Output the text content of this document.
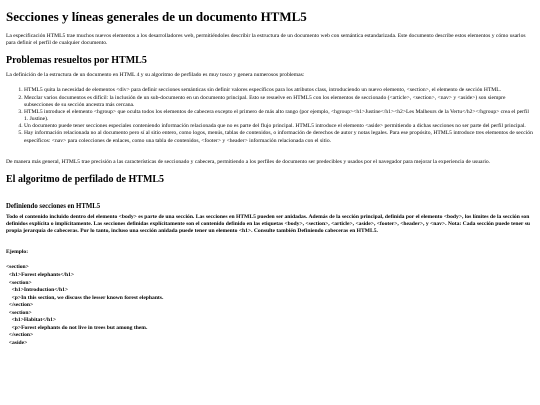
Secciones y líneas generales de un documento HTML5

La especificación HTML5 trae muchos nuevos elementos a los desarrolladores web, permitiéndoles describir la estructura de un documento web con semántica estandarizada. Este documento describe estos elementos y cómo usarlos para definir el perfil de cualquier documento.

Problemas resueltos por HTML5

La definición de la estructura de un documento en HTML 4 y su algoritmo de perfilado es muy tosco y genera numerosos problemas:

1. HTML5 quita la necesidad de elementos <div> para definir secciones semánticas sin definir valores específicos para los atributos class, introduciendo un nuevo elemento, <section>, el elemento de sección HTML.
2. Mezclar varios documentos es difícil: la inclusión de un sub-documento en un documento principal. Esto se resuelve en HTML5 con los elementos de seccionado (<article>, <section>, <nav> y <aside>) son siempre subsecciones de su sección ancestra más cercana.
3. HTML5 introduce el elemento <hgroup> que oculta todos los elementos de cabecera excepto el primero de más alto rango (por ejemplo, <hgroup><h1>Justine</h1><h2>Les Malheurs de la Vertu</h2></hgroup> crea el perfil 1. Justine).
4. Un documento puede tener secciones especiales conteniendo información relacionada que no es parte del flujo principal. HTML5 introduce el elemento <aside> permitiendo a dichas secciones no ser parte del perfil principal.
5. Hay información relacionada no al documento pero sí al sitio entero, como logos, menús, tablas de contenidos, o información de derechos de autor y notas legales. Para ese propósito, HTML5 introduce tres elementos de sección específicos: <nav> para colecciones de enlaces, como una tabla de contenidos, <footer> y <header> información relacionada con el sitio.

De manera más general, HTML5 trae precisión a las características de seccionado y cabecera, permitiendo a los perfiles de documento ser predecibles y usados por el navegador para mejorar la experiencia de usuario.

El algoritmo de perfilado de HTML5
Definiendo secciones en HTML5

Todo el contenido incluido dentro del elemento <body> es parte de una sección. Las secciones en HTML5 pueden ser anidadas. Además de la sección principal, definida por el elemento <body>, los límites de la sección son definidos explícita o implícitamente. Las secciones definidas explícitamente son el contenido definido en las etiquetas <body>, <section>, <article>, <aside>, <footer>, <header>, y <nav>. Nota: Cada sección puede tener su propia jerarquía de cabeceras. Por lo tanto, incluso una sección anidada puede tener un elemento <h1>. Consulte también Definiendo cabeceras en HTML5.

Ejemplo:

<section>
<h1>Forest elephants</h1>
<section>
<h1>Introduction</h1>
<p>In this section, we discuss the lesser known forest elephants.
</section>
<section>
<h1>Habitat</h1>
<p>Forest elephants do not live in trees but among them.
</section>
<aside>
